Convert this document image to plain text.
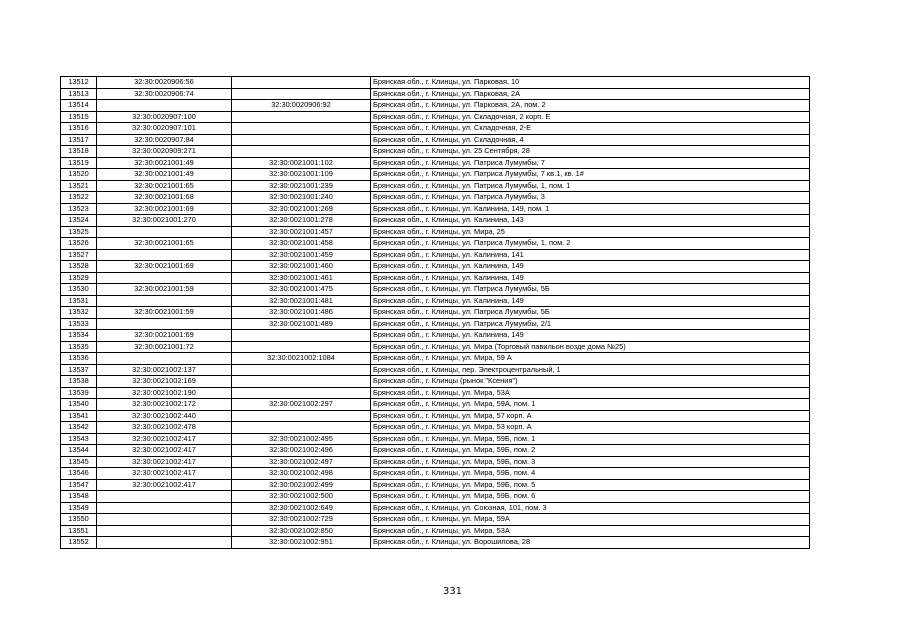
13512	32:30:0020906:56		Брянская обл., г. Клинцы, ул. Парковая, 10
13513	32:30:0020906:74		Брянская обл., г. Клинцы, ул. Парковая, 2А
13514		32:30:0020906:92	Брянская обл., г. Клинцы, ул. Парковая, 2А, пом. 2
13515	32:30:0020907:100		Брянская обл., г. Клинцы, ул. Складочная, 2 корп. Е
13516	32:30:0020907:101		Брянская обл., г. Клинцы, ул. Складочная, 2-Е
13517	32:30:0020907:84		Брянская обл., г. Клинцы, ул. Складочная, 4
13518	32:30:0020909:271		Брянская обл., г. Клинцы, ул. 25 Сентября, 28
13519	32:30:0021001:49	32:30:0021001:102	Брянская обл., г. Клинцы, ул. Патриса Лумумбы, 7
13520	32:30:0021001:49	32:30:0021001:109	Брянская обл., г. Клинцы, ул. Патриса Лумумбы, 7 кв.1, кв. 1#
13521	32:30:0021001:65	32:30:0021001:239	Брянская обл., г. Клинцы, ул. Патриса Лумумбы, 1, пом. 1
13522	32:30:0021001:68	32:30:0021001:240	Брянская обл., г. Клинцы, ул. Патриса Лумумбы, 3
13523	32:30:0021001:69	32:30:0021001:269	Брянская обл., г. Клинцы, ул. Калинина, 149, пом. 1
13524	32:30:0021001:270	32:30:0021001:278	Брянская обл., г. Клинцы, ул. Калинина, 143
13525		32:30:0021001:457	Брянская обл., г. Клинцы, ул. Мира, 25
13526	32:30:0021001:65	32:30:0021001:458	Брянская обл., г. Клинцы, ул. Патриса Лумумбы, 1, пом. 2
13527		32:30:0021001:459	Брянская обл., г. Клинцы, ул. Калинина, 141
13528	32:30:0021001:69	32:30:0021001:460	Брянская обл., г. Клинцы, ул. Калинина, 149
13529		32:30:0021001:461	Брянская обл., г. Клинцы, ул. Калинина, 149
13530	32:30:0021001:59	32:30:0021001:475	Брянская обл., г. Клинцы, ул. Патриса Лумумбы, 5Б
13531		32:30:0021001:481	Брянская обл., г. Клинцы, ул. Калинина, 149
13532	32:30:0021001:59	32:30:0021001:486	Брянская обл., г. Клинцы, ул. Патриса Лумумбы, 5Б
13533		32:30:0021001:489	Брянская обл., г. Клинцы, ул. Патриса Лумумбы, 2/1
13534	32:30:0021001:69		Брянская обл., г. Клинцы, ул. Калинина, 149
13535	32:30:0021001:72		Брянская обл., г. Клинцы, ул. Мира (Торговый павильон возде дома №25)
13536		32:30:0021002:1084	Брянская обл., г. Клинцы, ул. Мира, 59 А
13537	32:30:0021002:137		Брянская обл., г. Клинцы, пер. Электроцентральный, 1
13538	32:30:0021002:169		Брянская обл., г. Клинцы (рынок "Ксения")
13539	32:30:0021002:190		Брянская обл., г. Клинцы, ул. Мира, 53А
13540	32:30:0021002:172	32:30:0021002:297	Брянская обл., г. Клинцы, ул. Мира, 59А, пом. 1
13541	32:30:0021002:440		Брянская обл., г. Клинцы, ул. Мира, 57 корп. А
13542	32:30:0021002:478		Брянская обл., г. Клинцы, ул. Мира, 53 корп. А
13543	32:30:0021002:417	32:30:0021002:495	Брянская обл., г. Клинцы, ул. Мира, 59Б, пом. 1
13544	32:30:0021002:417	32:30:0021002:496	Брянская обл., г. Клинцы, ул. Мира, 59Б, пом. 2
13545	32:30:0021002:417	32:30:0021002:497	Брянская обл., г. Клинцы, ул. Мира, 59Б, пом. 3
13546	32:30:0021002:417	32:30:0021002:498	Брянская обл., г. Клинцы, ул. Мира, 59Б, пом. 4
13547	32:30:0021002:417	32:30:0021002:499	Брянская обл., г. Клинцы, ул. Мира, 59Б, пом. 5
13548		32:30:0021002:500	Брянская обл., г. Клинцы, ул. Мира, 59Б, пом. 6
13549		32:30:0021002:649	Брянская обл., г. Клинцы, ул. Союзная, 101, пом. 3
13550		32:30:0021002:729	Брянская обл., г. Клинцы, ул. Мира, 59А
13551		32:30:0021002:850	Брянская обл., г. Клинцы, ул. Мира, 53А
13552		32:30:0021002:951	Брянская обл., г. Клинцы, ул. Ворошилова, 28
331
